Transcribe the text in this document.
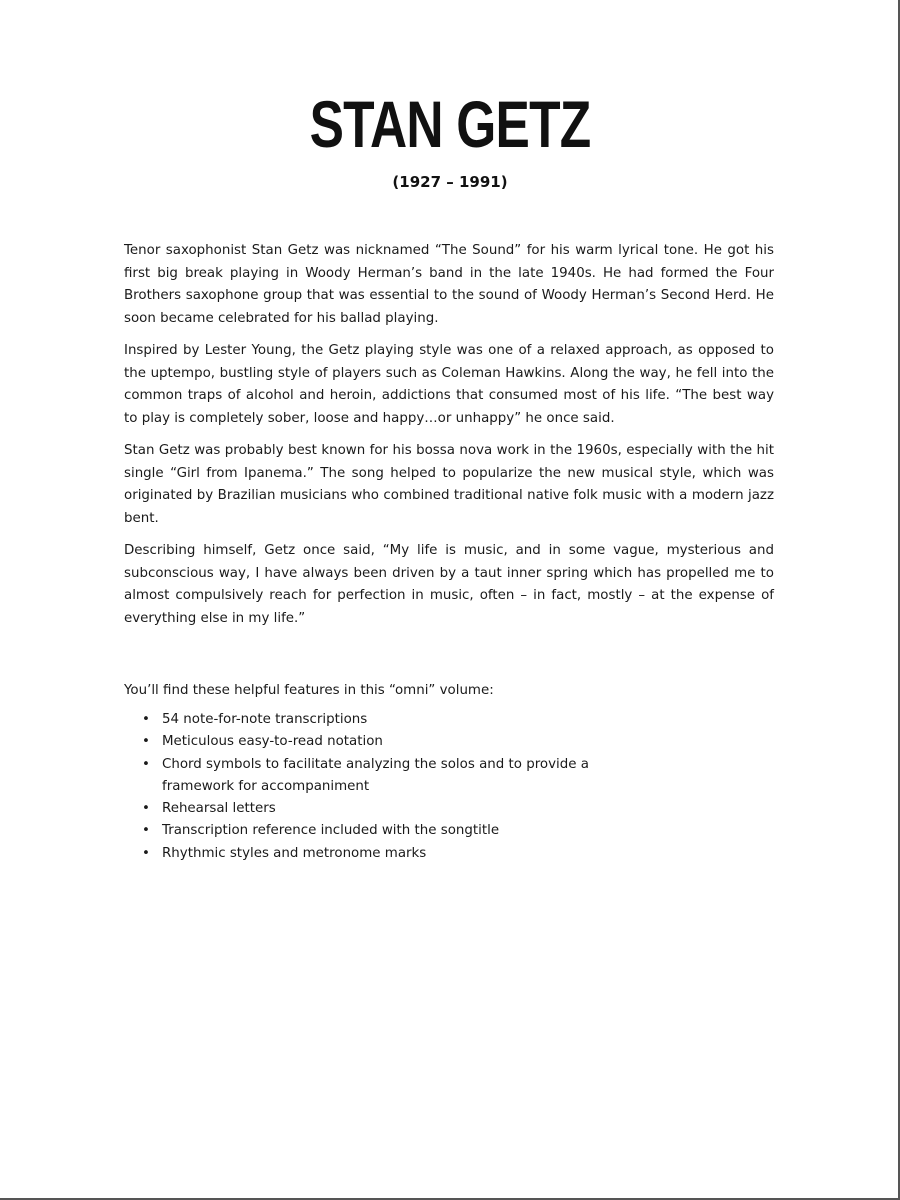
STAN GETZ
(1927 – 1991)

Tenor saxophonist Stan Getz was nicknamed “The Sound” for his warm lyrical tone. He got his first big break playing in Woody Herman’s band in the late 1940s. He had formed the Four Brothers saxophone group that was essential to the sound of Woody Herman’s Second Herd. He soon became celebrated for his ballad playing.

Inspired by Lester Young, the Getz playing style was one of a relaxed approach, as opposed to the uptempo, bustling style of players such as Coleman Hawkins. Along the way, he fell into the common traps of alcohol and heroin, addictions that consumed most of his life. “The best way to play is completely sober, loose and happy…or unhappy” he once said.

Stan Getz was probably best known for his bossa nova work in the 1960s, especially with the hit single “Girl from Ipanema.” The song helped to popularize the new musical style, which was originated by Brazilian musicians who combined traditional native folk music with a modern jazz bent.

Describing himself, Getz once said, “My life is music, and in some vague, mysterious and subconscious way, I have always been driven by a taut inner spring which has propelled me to almost compulsively reach for perfection in music, often – in fact, mostly – at the expense of everything else in my life.”

You’ll find these helpful features in this “omni” volume:
• 54 note-for-note transcriptions
• Meticulous easy-to-read notation
• Chord symbols to facilitate analyzing the solos and to provide a framework for accompaniment
• Rehearsal letters
• Transcription reference included with the songtitle
• Rhythmic styles and metronome marks
